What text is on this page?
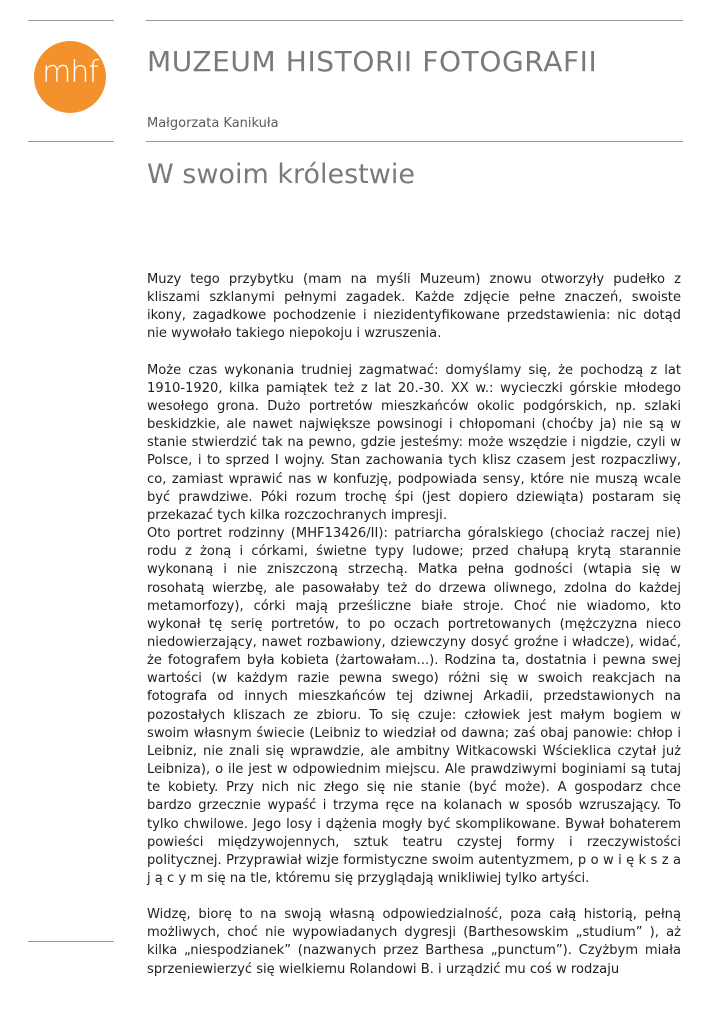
mhf MUZEUM HISTORII FOTOGRAFII
Małgorzata Kanikuła
W swoim królestwie

Muzy tego przybytku (mam na myśli Muzeum) znowu otworzyły pudełko z kliszami szklanymi pełnymi zagadek. Każde zdjęcie pełne znaczeń, swoiste ikony, zagadkowe pochodzenie i niezidentyfikowane przedstawienia: nic dotąd nie wywołało takiego niepokoju i wzruszenia.

Może czas wykonania trudniej zagmatwać: domyślamy się, że pochodzą z lat 1910-1920, kilka pamiątek też z lat 20.-30. XX w.: wycieczki górskie młodego wesołego grona. Dużo portretów mieszkańców okolic podgórskich, np. szlaki beskidzkie, ale nawet największe powsinogi i chłopomani (choćby ja) nie są w stanie stwierdzić tak na pewno, gdzie jesteśmy: może wszędzie i nigdzie, czyli w Polsce, i to sprzed I wojny. Stan zachowania tych klisz czasem jest rozpaczliwy, co, zamiast wprawić nas w konfuzję, podpowiada sensy, które nie muszą wcale być prawdziwe. Póki rozum trochę śpi (jest dopiero dziewiąta) postaram się przekazać tych kilka rozczochranych impresji.

Oto portret rodzinny (MHF13426/II): patriarcha góralskiego (chociaż raczej nie) rodu z żoną i córkami, świetne typy ludowe; przed chałupą krytą starannie wykonaną i nie zniszczoną strzechą. Matka pełna godności (wtapia się w rosohatą wierzbę, ale pasowałaby też do drzewa oliwnego, zdolna do każdej metamorfozy), córki mają prześliczne białe stroje. Choć nie wiadomo, kto wykonał tę serię portretów, to po oczach portretowanych (mężczyzna nieco niedowierzający, nawet rozbawiony, dziewczyny dosyć groźne i władcze), widać, że fotografem była kobieta (żartowałam...). Rodzina ta, dostatnia i pewna swej wartości (w każdym razie pewna swego) różni się w swoich reakcjach na fotografa od innych mieszkańców tej dziwnej Arkadii, przedstawionych na pozostałych kliszach ze zbioru. To się czuje: człowiek jest małym bogiem w swoim własnym świecie (Leibniz to wiedział od dawna; zaś obaj panowie: chłop i Leibniz, nie znali się wprawdzie, ale ambitny Witkacowski Wścieklica czytał już Leibniza), o ile jest w odpowiednim miejscu. Ale prawdziwymi boginiami są tutaj te kobiety. Przy nich nic złego się nie stanie (być może). A gospodarz chce bardzo grzecznie wypaść i trzyma ręce na kolanach w sposób wzruszający. To tylko chwilowe. Jego losy i dążenia mogły być skomplikowane. Bywał bohaterem powieści międzywojennych, sztuk teatru czystej formy i rzeczywistości politycznej. Przyprawiał wizje formistyczne swoim autentyzmem, p o w i ę k s z a j ą c y m się na tle, któremu się przyglądają wnikliwiej tylko artyści.

Widzę, biorę to na swoją własną odpowiedzialność, poza całą historią, pełną możliwych, choć nie wypowiadanych dygresji (Barthesowskim „studium” ), aż kilka „niespodzianek” (nazwanych przez Barthesa „punctum”). Czyżbym miała sprzeniewierzyć się wielkiemu Rolandowi B. i urządzić mu coś w rodzaju
